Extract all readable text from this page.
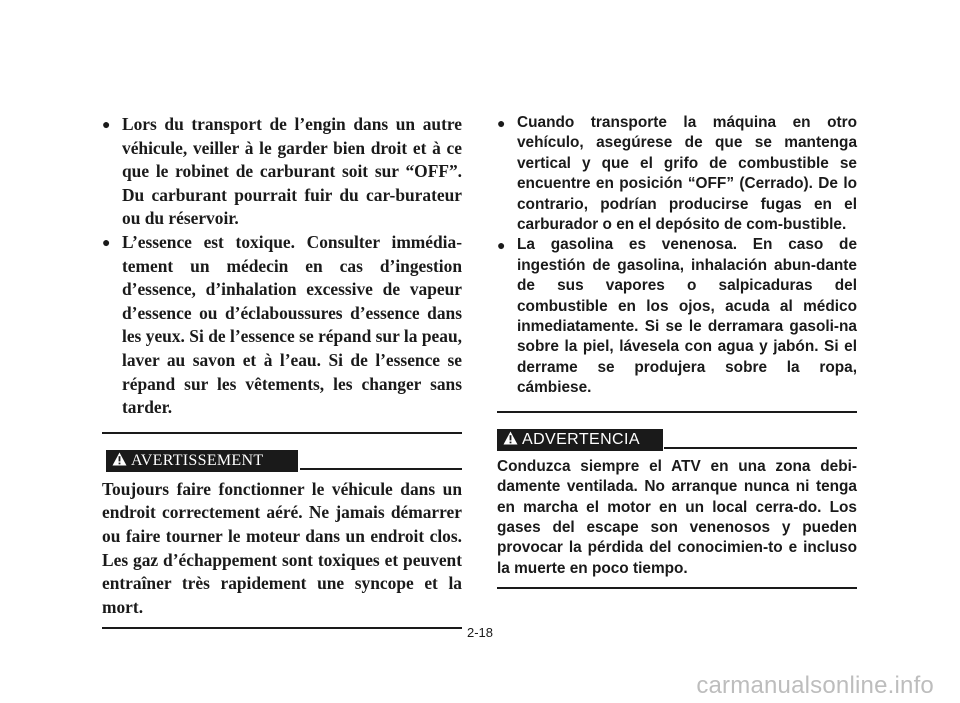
● Lors du transport de l’engin dans un autre véhicule, veiller à le garder bien droit et à ce que le robinet de carburant soit sur “OFF”. Du carburant pourrait fuir du car-burateur ou du réservoir.
● L’essence est toxique. Consulter immédia-tement un médecin en cas d’ingestion d’essence, d’inhalation excessive de vapeur d’essence ou d’éclaboussures d’essence dans les yeux. Si de l’essence se répand sur la peau, laver au savon et à l’eau. Si de l’essence se répand sur les vêtements, les changer sans tarder.
AVERTISSEMENT
Toujours faire fonctionner le véhicule dans un endroit correctement aéré. Ne jamais démarrer ou faire tourner le moteur dans un endroit clos. Les gaz d’échappement sont toxiques et peuvent entraîner très rapidement une syncope et la mort.
● Cuando transporte la máquina en otro vehículo, asegúrese de que se mantenga vertical y que el grifo de combustible se encuentre en posición “OFF” (Cerrado). De lo contrario, podrían producirse fugas en el carburador o en el depósito de com-bustible.
● La gasolina es venenosa. En caso de ingestión de gasolina, inhalación abun-dante de sus vapores o salpicaduras del combustible en los ojos, acuda al médico inmediatamente. Si se le derramara gasoli-na sobre la piel, lávesela con agua y jabón. Si el derrame se produjera sobre la ropa, cámbiese.
ADVERTENCIA
Conduzca siempre el ATV en una zona debi-damente ventilada. No arranque nunca ni tenga en marcha el motor en un local cerra-do. Los gases del escape son venenosos y pueden provocar la pérdida del conocimien-to e incluso la muerte en poco tiempo.
2-18
carmanualsonline.info
